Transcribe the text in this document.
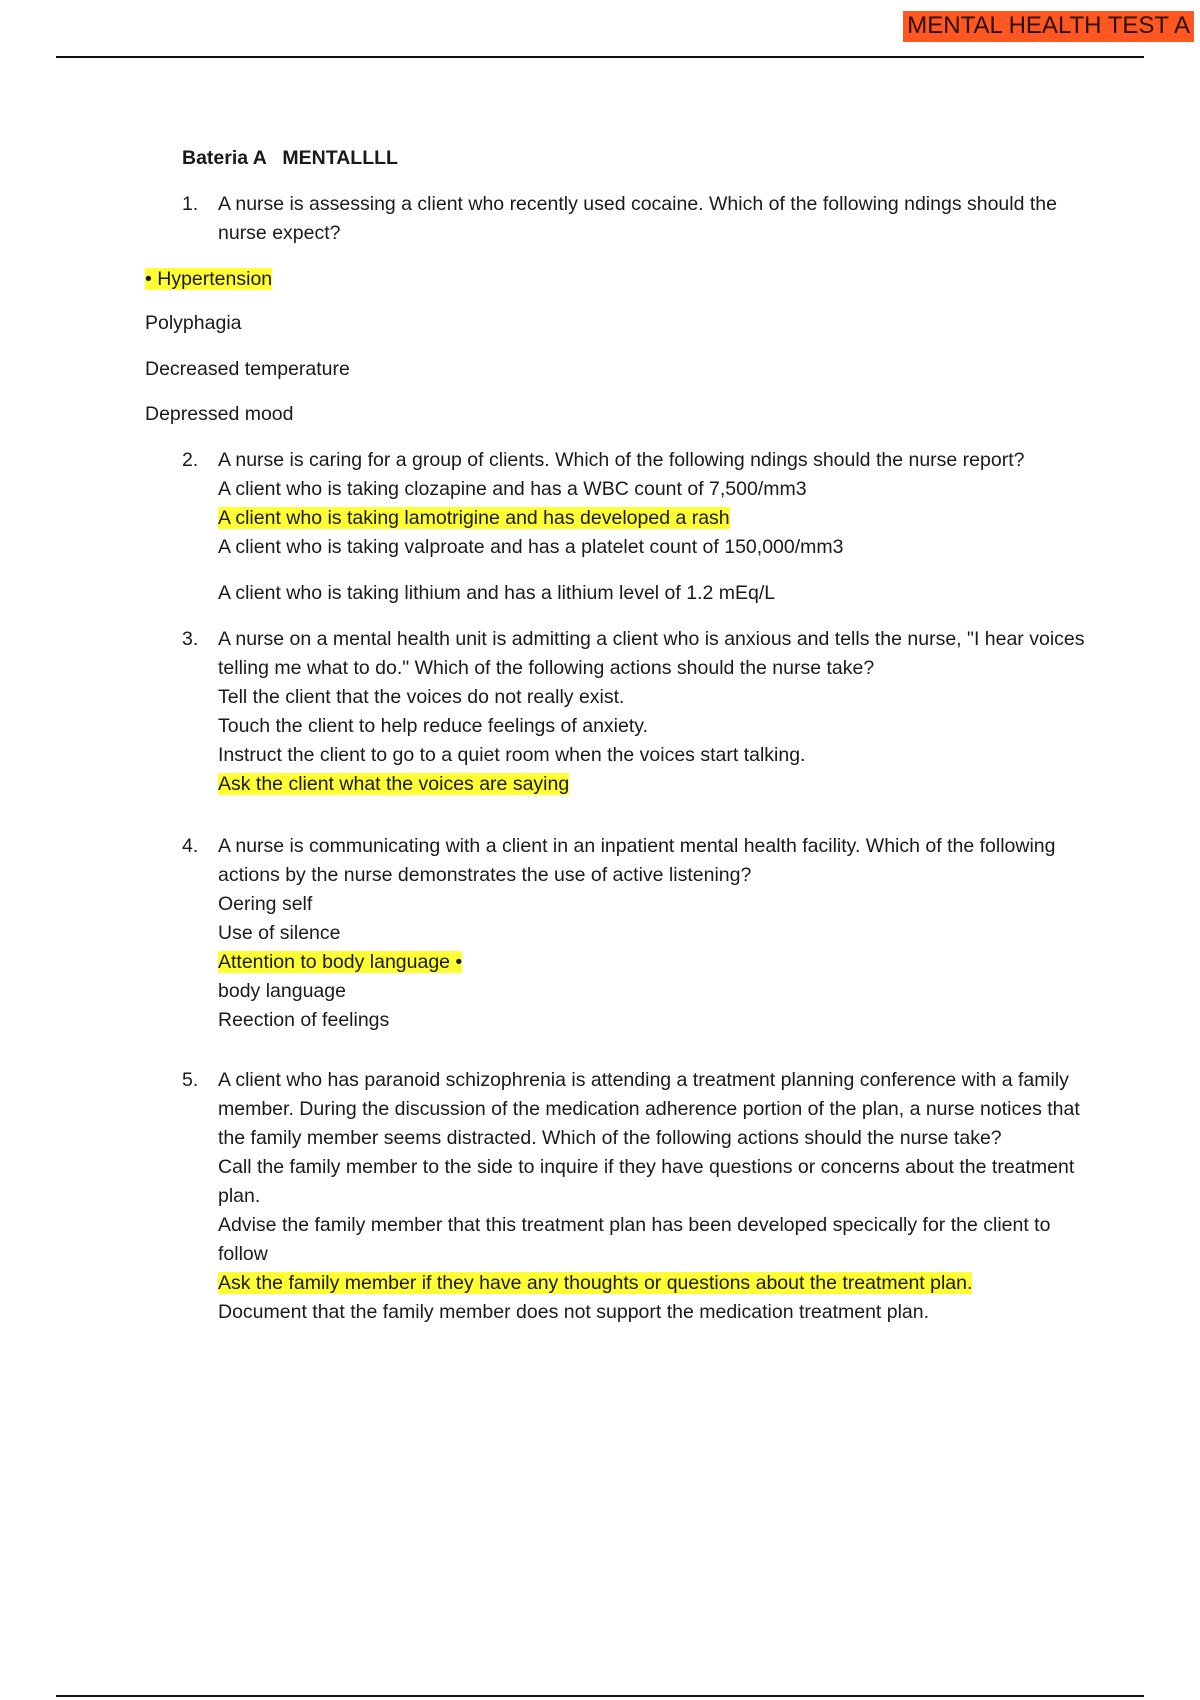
MENTAL HEALTH TEST A
Bateria A   MENTALLLL
1.	A nurse is assessing a client who recently used cocaine. Which of the following ndings should the nurse expect?
• Hypertension
Polyphagia
Decreased temperature
Depressed mood
2.	A nurse is caring for a group of clients. Which of the following ndings should the nurse report?
A client who is taking clozapine and has a WBC count of 7,500/mm3
A client who is taking lamotrigine and has developed a rash
A client who is taking valproate and has a platelet count of 150,000/mm3
A client who is taking lithium and has a lithium level of 1.2 mEq/L
3.	A nurse on a mental health unit is admitting a client who is anxious and tells the nurse, "I hear voices telling me what to do." Which of the following actions should the nurse take?
Tell the client that the voices do not really exist.
Touch the client to help reduce feelings of anxiety.
Instruct the client to go to a quiet room when the voices start talking.
Ask the client what the voices are saying
4.	A nurse is communicating with a client in an inpatient mental health facility. Which of the following actions by the nurse demonstrates the use of active listening?
Oering self
Use of silence
Attention to body language •
body language
Reection of feelings
5.	A client who has paranoid schizophrenia is attending a treatment planning conference with a family member. During the discussion of the medication adherence portion of the plan, a nurse notices that the family member seems distracted. Which of the following actions should the nurse take?
Call the family member to the side to inquire if they have questions or concerns about the treatment plan.
Advise the family member that this treatment plan has been developed specically for the client to follow
Ask the family member if they have any thoughts or questions about the treatment plan.
Document that the family member does not support the medication treatment plan.
